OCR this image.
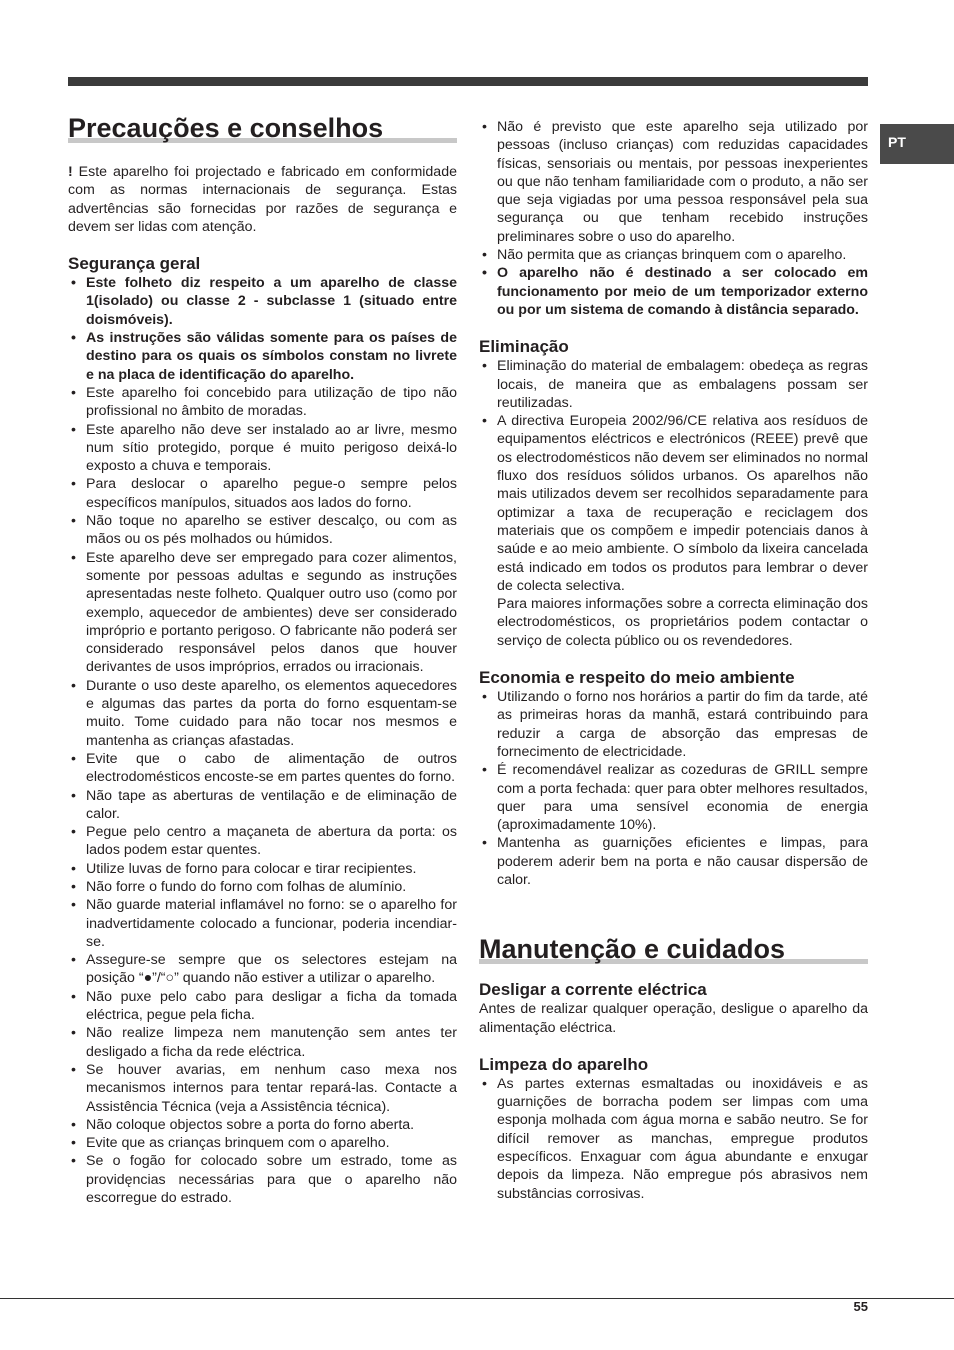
PT
Precauções e conselhos

! Este aparelho foi projectado e fabricado em conformidade com as normas internacionais de segurança. Estas advertências são fornecidas por razões de segurança e devem ser lidas com atenção.

Segurança geral
• Este folheto diz respeito a um aparelho de classe 1(isolado) ou classe 2 - subclasse 1 (situado entre doismóveis).
• As instruções são válidas somente para os países de destino para os quais os símbolos constam no livrete e na placa de identificação do aparelho.
• Este aparelho foi concebido para utilização de tipo não profissional no âmbito de moradas.
• Este aparelho não deve ser instalado ao ar livre, mesmo num sítio protegido, porque é muito perigoso deixá-lo exposto a chuva e temporais.
• Para deslocar o aparelho pegue-o sempre pelos específicos manípulos, situados aos lados do forno.
• Não toque no aparelho se estiver descalço, ou com as mãos ou os pés molhados ou húmidos.
• Este aparelho deve ser empregado para cozer alimentos, somente por pessoas adultas e segundo as instruções apresentadas neste folheto. Qualquer outro uso (como por exemplo, aquecedor de ambientes) deve ser considerado impróprio e portanto perigoso. O fabricante não poderá ser considerado responsável pelos danos que houver derivantes de usos impróprios, errados ou irracionais.
• Durante o uso deste aparelho, os elementos aquecedores e algumas das partes da porta do forno esquentam-se muito. Tome cuidado para não tocar nos mesmos e mantenha as crianças afastadas.
• Evite que o cabo de alimentação de outros electrodomésticos encoste-se em partes quentes do forno.
• Não tape as aberturas de ventilação e de eliminação de calor.
• Pegue pelo centro a maçaneta de abertura da porta: os lados podem estar quentes.
• Utilize luvas de forno para colocar e tirar recipientes.
• Não forre o fundo do forno com folhas de alumínio.
• Não guarde material inflamável no forno: se o aparelho for inadvertidamente colocado a funcionar, poderia incendiar-se.
• Assegure-se sempre que os selectores estejam na posição “●”/“○” quando não estiver a utilizar o aparelho.
• Não puxe pelo cabo para desligar a ficha da tomada eléctrica, pegue pela ficha.
• Não realize limpeza nem manutenção sem antes ter desligado a ficha da rede eléctrica.
• Se houver avarias, em nenhum caso mexa nos mecanismos internos para tentar repará-las. Contacte a Assistência Técnica (veja a Assistência técnica).
• Não coloque objectos sobre a porta do forno aberta.
• Evite que as crianças brinquem com o aparelho.
• Se o fogão for colocado sobre um estrado, tome as providęncias necessárias para que o aparelho não escorregue do estrado.
• Não é previsto que este aparelho seja utilizado por pessoas (incluso crianças) com reduzidas capacidades físicas, sensoriais ou mentais, por pessoas inexperientes ou que não tenham familiaridade com o produto, a não ser que seja vigiadas por uma pessoa responsável pela sua segurança ou que tenham recebido instruções preliminares sobre o uso do aparelho.
• Não permita que as crianças brinquem com o aparelho.
• O aparelho não é destinado a ser colocado em funcionamento por meio de um temporizador externo ou por um sistema de comando à distância separado.
Eliminação
• Eliminação do material de embalagem: obedeça as regras locais, de maneira que as embalagens possam ser reutilizadas.
• A directiva Europeia 2002/96/CE relativa aos resíduos de equipamentos eléctricos e electrónicos (REEE) prevê que os electrodomésticos não devem ser eliminados no normal fluxo dos resíduos sólidos urbanos. Os aparelhos não mais utilizados devem ser recolhidos separadamente para optimizar a taxa de recuperação e reciclagem dos materiais que os compõem e impedir potenciais danos à saúde e ao meio ambiente. O símbolo da lixeira cancelada está indicado em todos os produtos para lembrar o dever de colecta selectiva.

Para maiores informações sobre a correcta eliminação dos electrodomésticos, os proprietários podem contactar o serviço de colecta público ou os revendedores.

Economia e respeito do meio ambiente
• Utilizando o forno nos horários a partir do fim da tarde, até as primeiras horas da manhã, estará contribuindo para reduzir a carga de absorção das empresas de fornecimento de electricidade.
• É recomendável realizar as cozeduras de GRILL sempre com a porta fechada: quer para obter melhores resultados, quer para uma sensível economia de energia (aproximadamente 10%).
• Mantenha as guarnições eficientes e limpas, para poderem aderir bem na porta e não causar dispersão de calor.
Manutenção e cuidados
Desligar a corrente eléctrica

Antes de realizar qualquer operação, desligue o aparelho da alimentação eléctrica.

Limpeza do aparelho
• As partes externas esmaltadas ou inoxidáveis e as guarnições de borracha podem ser limpas com uma esponja molhada com água morna e sabão neutro. Se for difícil remover as manchas, empregue produtos específicos. Enxaguar com água abundante e enxugar depois da limpeza. Não empregue pós abrasivos nem substâncias corrosivas.
55
